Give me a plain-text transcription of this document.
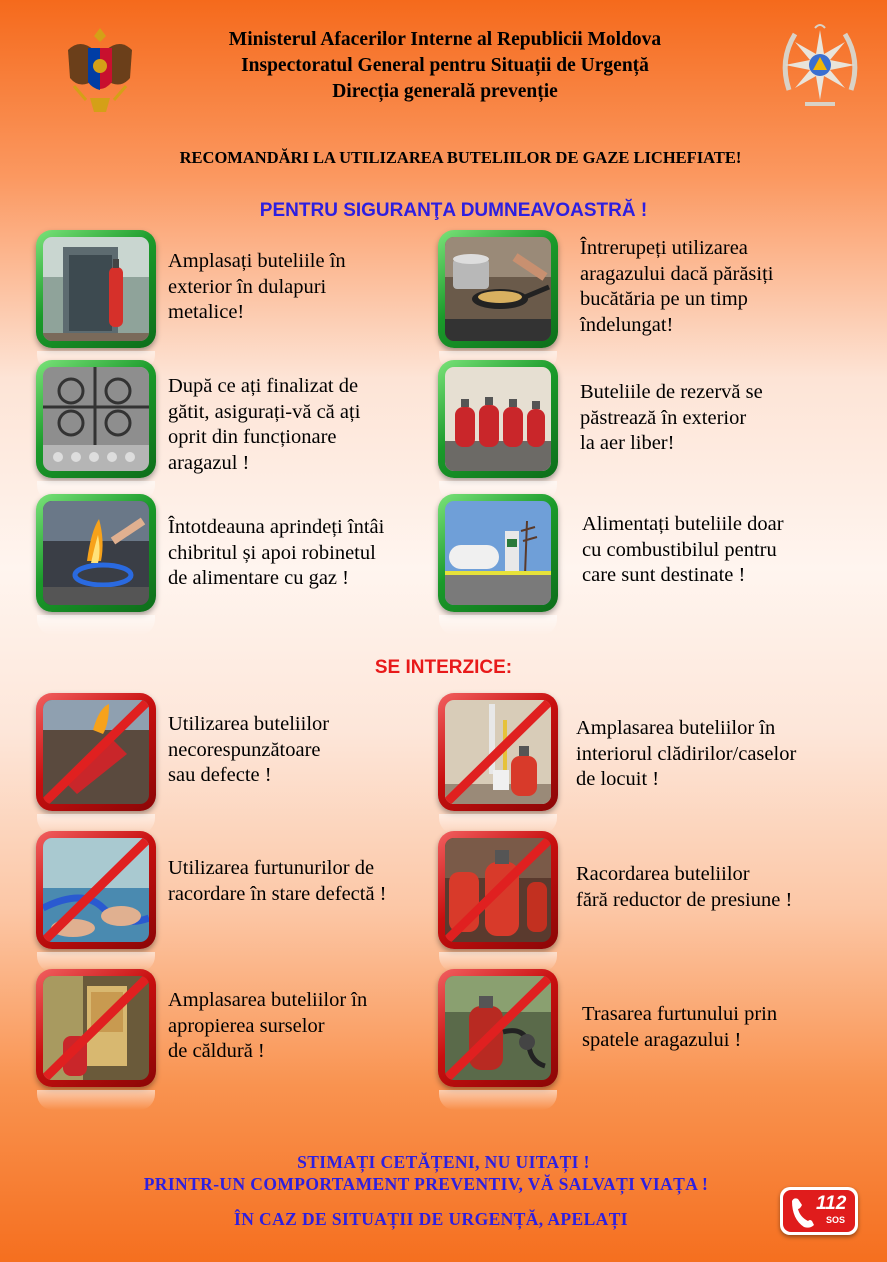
Ministerul Afacerilor Interne al Republicii Moldova
Inspectoratul General pentru Situații de Urgență
Direcția generală prevenție
RECOMANDĂRI LA UTILIZAREA BUTELIILOR DE GAZE LICHEFIATE!
PENTRU SIGURANŢA DUMNEAVOASTRĂ !
Amplasați buteliile în
exterior în dulapuri
metalice!
Întrerupeți utilizarea
aragazului dacă părăsiți
bucătăria pe un timp
îndelungat!
După ce ați finalizat de
gătit, asigurați-vă că ați
oprit din funcționare
aragazul !
Buteliile de rezervă se
păstrează în exterior
la aer liber!
Întotdeauna aprindeți întâi
chibritul și apoi robinetul
de alimentare cu gaz !
Alimentați buteliile doar
cu combustibilul pentru
care sunt destinate !
SE INTERZICE:
Utilizarea buteliilor
necorespunzătoare
sau defecte !
Amplasarea buteliilor în
interiorul clădirilor/caselor
de locuit !
Utilizarea furtunurilor de
racordare în stare defectă !
Racordarea buteliilor
fără reductor de presiune !
Amplasarea buteliilor în
apropierea surselor
de căldură !
Trasarea furtunului prin
spatele aragazului !
STIMAȚI CETĂȚENI, NU UITAȚI !
PRINTR-UN COMPORTAMENT PREVENTIV, VĂ SALVAȚI VIAȚA !
ÎN CAZ DE SITUAȚII DE URGENȚĂ, APELAȚI
112
SOS
